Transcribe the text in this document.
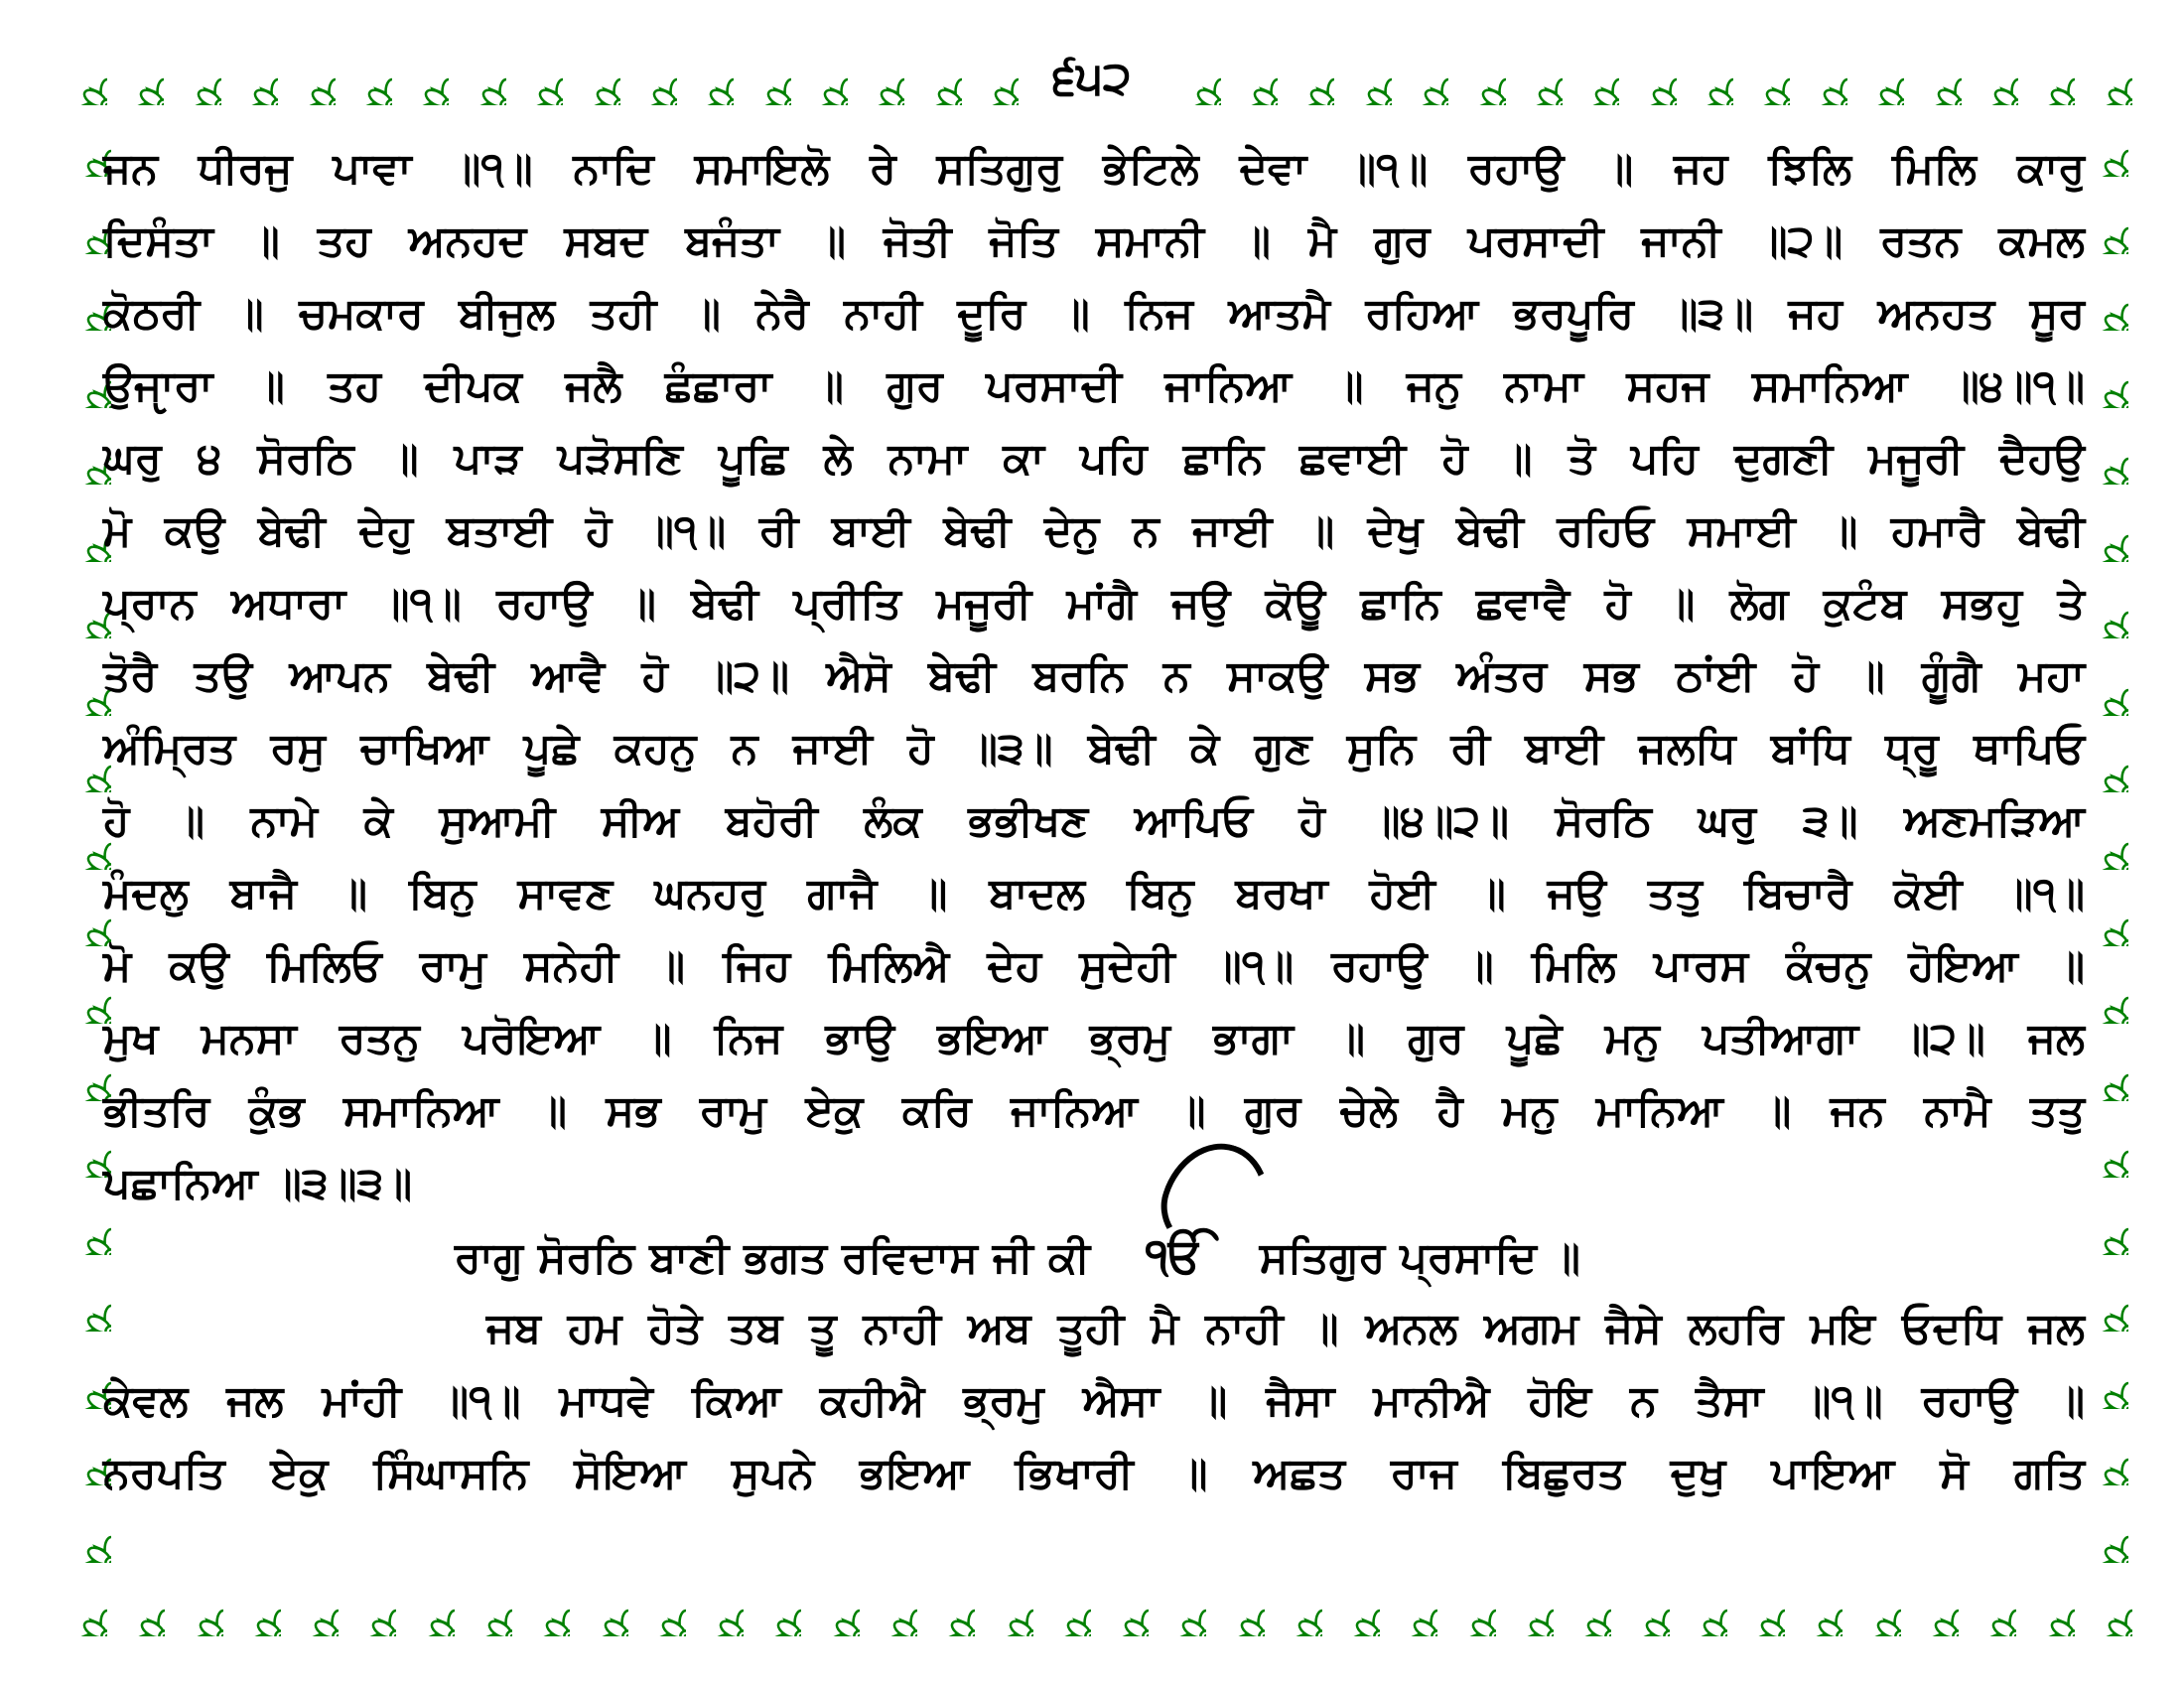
੬੫੨
ਜਨ ਧੀਰਜੁ ਪਾਵਾ ॥੧॥ ਨਾਦਿ ਸਮਾਇਲੋ ਰੇ ਸਤਿਗੁਰੁ ਭੇਟਿਲੇ ਦੇਵਾ ॥੧॥ ਰਹਾਉ ॥ ਜਹ ਝਿਲਿ ਮਿਲਿ ਕਾਰੁ
ਦਿਸੰਤਾ ॥ ਤਹ ਅਨਹਦ ਸਬਦ ਬਜੰਤਾ ॥ ਜੋਤੀ ਜੋਤਿ ਸਮਾਨੀ ॥ ਮੈ ਗੁਰ ਪਰਸਾਦੀ ਜਾਨੀ ॥੨॥ ਰਤਨ ਕਮਲ
ਕੋਠਰੀ ॥ ਚਮਕਾਰ ਬੀਜੁਲ ਤਹੀ ॥ ਨੇਰੈ ਨਾਹੀ ਦੂਰਿ ॥ ਨਿਜ ਆਤਮੈ ਰਹਿਆ ਭਰਪੂਰਿ ॥੩॥ ਜਹ ਅਨਹਤ ਸੂਰ
ਉਜੵਾਰਾ ॥ ਤਹ ਦੀਪਕ ਜਲੈ ਛੰਛਾਰਾ ॥ ਗੁਰ ਪਰਸਾਦੀ ਜਾਨਿਆ ॥ ਜਨੁ ਨਾਮਾ ਸਹਜ ਸਮਾਨਿਆ ॥੪॥੧॥
ਘਰੁ ੪ ਸੋਰਠਿ ॥ ਪਾੜ ਪੜੋਸਣਿ ਪੂਛਿ ਲੇ ਨਾਮਾ ਕਾ ਪਹਿ ਛਾਨਿ ਛਵਾਈ ਹੋ ॥ ਤੋ ਪਹਿ ਦੁਗਣੀ ਮਜੂਰੀ ਦੈਹਉ
ਮੋ ਕਉ ਬੇਢੀ ਦੇਹੁ ਬਤਾਈ ਹੋ ॥੧॥ ਰੀ ਬਾਈ ਬੇਢੀ ਦੇਨੁ ਨ ਜਾਈ ॥ ਦੇਖੁ ਬੇਢੀ ਰਹਿਓ ਸਮਾਈ ॥ ਹਮਾਰੈ ਬੇਢੀ
ਪ੍ਰਾਨ ਅਧਾਰਾ ॥੧॥ ਰਹਾਉ ॥ ਬੇਢੀ ਪ੍ਰੀਤਿ ਮਜੂਰੀ ਮਾਂਗੈ ਜਉ ਕੋਊ ਛਾਨਿ ਛਵਾਵੈ ਹੋ ॥ ਲੋਗ ਕੁਟੰਬ ਸਭਹੁ ਤੇ
ਤੋਰੈ ਤਉ ਆਪਨ ਬੇਢੀ ਆਵੈ ਹੋ ॥੨॥ ਐਸੋ ਬੇਢੀ ਬਰਨਿ ਨ ਸਾਕਉ ਸਭ ਅੰਤਰ ਸਭ ਠਾਂਈ ਹੋ ॥ ਗੂੰਗੈ ਮਹਾ
ਅੰਮ੍ਰਿਤ ਰਸੁ ਚਾਖਿਆ ਪੂਛੇ ਕਹਨੁ ਨ ਜਾਈ ਹੋ ॥੩॥ ਬੇਢੀ ਕੇ ਗੁਣ ਸੁਨਿ ਰੀ ਬਾਈ ਜਲਧਿ ਬਾਂਧਿ ਧ੍ਰੂ ਥਾਪਿਓ
ਹੋ ॥ ਨਾਮੇ ਕੇ ਸੁਆਮੀ ਸੀਅ ਬਹੋਰੀ ਲੰਕ ਭਭੀਖਣ ਆਪਿਓ ਹੋ ॥੪॥੨॥ ਸੋਰਠਿ ਘਰੁ ੩॥ ਅਣਮੜਿਆ
ਮੰਦਲੁ ਬਾਜੈ ॥ ਬਿਨੁ ਸਾਵਣ ਘਨਹਰੁ ਗਾਜੈ ॥ ਬਾਦਲ ਬਿਨੁ ਬਰਖਾ ਹੋਈ ॥ ਜਉ ਤਤੁ ਬਿਚਾਰੈ ਕੋਈ ॥੧॥
ਮੋ ਕਉ ਮਿਲਿਓ ਰਾਮੁ ਸਨੇਹੀ ॥ ਜਿਹ ਮਿਲਿਐ ਦੇਹ ਸੁਦੇਹੀ ॥੧॥ ਰਹਾਉ ॥ ਮਿਲਿ ਪਾਰਸ ਕੰਚਨੁ ਹੋਇਆ ॥
ਮੁਖ ਮਨਸਾ ਰਤਨੁ ਪਰੋਇਆ ॥ ਨਿਜ ਭਾਉ ਭਇਆ ਭ੍ਰਮੁ ਭਾਗਾ ॥ ਗੁਰ ਪੂਛੇ ਮਨੁ ਪਤੀਆਗਾ ॥੨॥ ਜਲ
ਭੀਤਰਿ ਕੁੰਭ ਸਮਾਨਿਆ ॥ ਸਭ ਰਾਮੁ ਏਕੁ ਕਰਿ ਜਾਨਿਆ ॥ ਗੁਰ ਚੇਲੇ ਹੈ ਮਨੁ ਮਾਨਿਆ ॥ ਜਨ ਨਾਮੈ ਤਤੁ
ਪਛਾਨਿਆ ॥੩॥੩॥
ਰਾਗੁ ਸੋਰਠਿ ਬਾਣੀ ਭਗਤ ਰਵਿਦਾਸ ਜੀ ਕੀ ੴ ਸਤਿਗੁਰ ਪ੍ਰਸਾਦਿ ॥
ਜਬ ਹਮ ਹੋਤੇ ਤਬ ਤੂ ਨਾਹੀ ਅਬ ਤੂਹੀ ਮੈ ਨਾਹੀ ॥ ਅਨਲ ਅਗਮ ਜੈਸੇ ਲਹਰਿ ਮਇ ਓਦਧਿ ਜਲ
ਕੇਵਲ ਜਲ ਮਾਂਹੀ ॥੧॥ ਮਾਧਵੇ ਕਿਆ ਕਹੀਐ ਭ੍ਰਮੁ ਐਸਾ ॥ ਜੈਸਾ ਮਾਨੀਐ ਹੋਇ ਨ ਤੈਸਾ ॥੧॥ ਰਹਾਉ ॥
ਨਰਪਤਿ ਏਕੁ ਸਿੰਘਾਸਨਿ ਸੋਇਆ ਸੁਪਨੇ ਭਇਆ ਭਿਖਾਰੀ ॥ ਅਛਤ ਰਾਜ ਬਿਛੁਰਤ ਦੁਖੁ ਪਾਇਆ ਸੋ ਗਤਿ
